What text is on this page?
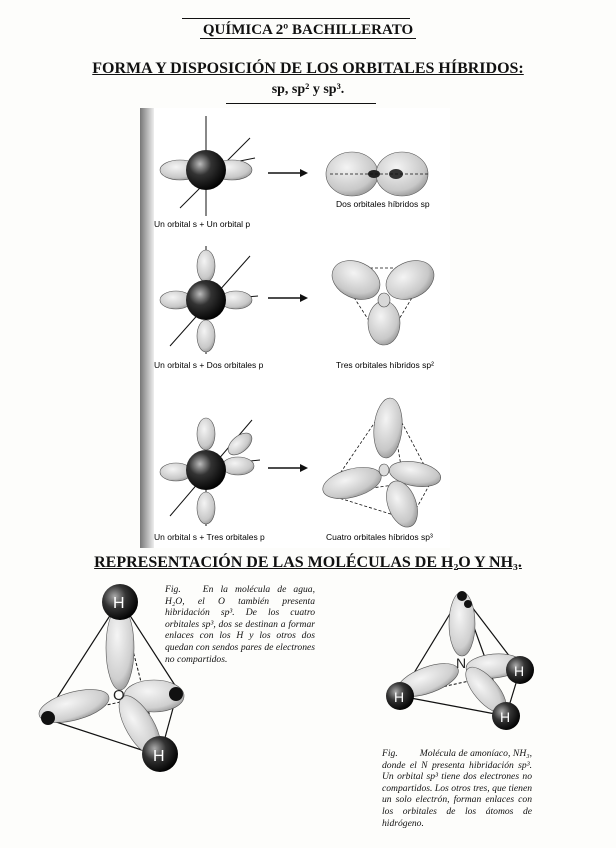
QUÍMICA 2º BACHILLERATO
FORMA Y DISPOSICIÓN DE LOS ORBITALES HÍBRIDOS:
sp, sp² y sp³.
Un orbital s + Un orbital p
Dos orbitales híbridos sp
Un orbital s + Dos orbitales p	Tres orbitales híbridos sp²
Un orbital s + Tres orbitales p	Cuatro orbitales híbridos sp³
REPRESENTACIÓN DE LAS MOLÉCULAS DE H₂O Y NH₃.
H
O
H
Fig. En la molécula de agua, H₂O, el O también presenta hibridación sp³. De los cuatro orbitales sp³, dos se destinan a formar enlaces con los H y los otros dos quedan con sendos pares de electrones no compartidos.	N
H
H
H
Fig. Molécula de amoníaco, NH₃, donde el N presenta hibridación sp³. Un orbital sp³ tiene dos electrones no compartidos. Los otros tres, que tienen un solo electrón, forman enlaces con los orbitales de los átomos de hidrógeno.
